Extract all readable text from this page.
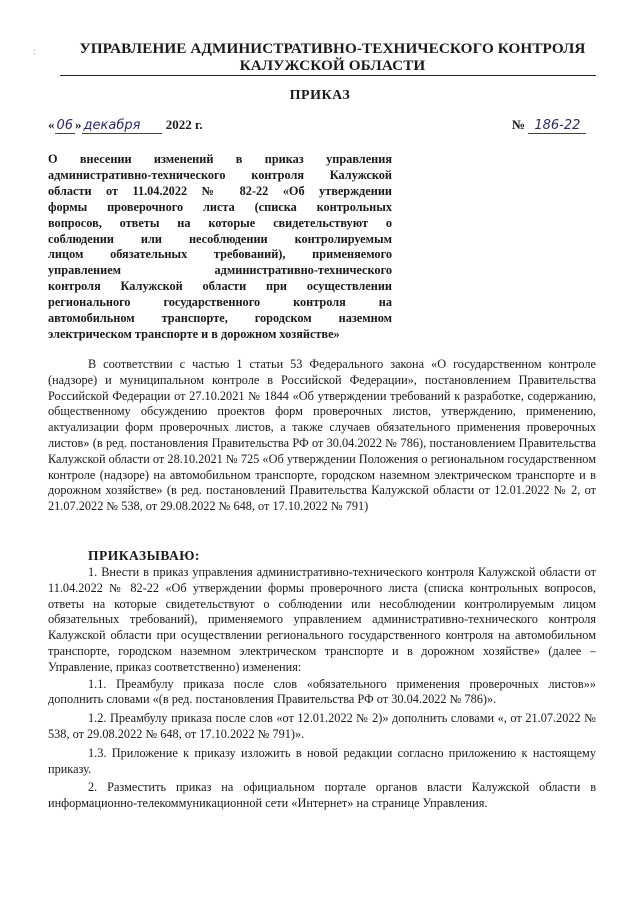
:	УПРАВЛЕНИЕ АДМИНИСТРАТИВНО-ТЕХНИЧЕСКОГО КОНТРОЛЯ
КАЛУЖСКОЙ ОБЛАСТИ
ПРИКАЗ
« 06 » декабря 2022 г.	№ 186-22
О внесении изменений в приказ управления
административно-технического контроля Калужской
области от 11.04.2022 № 82-22 «Об утверждении
формы проверочного листа (списка контрольных
вопросов, ответы на которые свидетельствуют о
соблюдении или несоблюдении контролируемым
лицом обязательных требований), применяемого
управлением административно-технического
контроля Калужской области при осуществлении
регионального государственного контроля на
автомобильном транспорте, городском наземном
электрическом транспорте и в дорожном хозяйстве»

В соответствии с частью 1 статьи 53 Федерального закона «О государственном контроле (надзоре) и муниципальном контроле в Российской Федерации», постановлением Правительства Российской Федерации от 27.10.2021 № 1844 «Об утверждении требований к разработке, содержанию, общественному обсуждению проектов форм проверочных листов, утверждению, применению, актуализации форм проверочных листов, а также случаев обязательного применения проверочных листов» (в ред. постановления Правительства РФ от 30.04.2022 № 786), постановлением Правительства Калужской области от 28.10.2021 № 725 «Об утверждении Положения о региональном государственном контроле (надзоре) на автомобильном транспорте, городском наземном электрическом транспорте и в дорожном хозяйстве» (в ред. постановлений Правительства Калужской области от 12.01.2022 № 2, от 21.07.2022 № 538, от 29.08.2022 № 648, от 17.10.2022 № 791)

ПРИКАЗЫВАЮ:

1. Внести в приказ управления административно-технического контроля Калужской области от 11.04.2022 № 82-22 «Об утверждении формы проверочного листа (списка контрольных вопросов, ответы на которые свидетельствуют о соблюдении или несоблюдении контролируемым лицом обязательных требований), применяемого управлением административно-технического контроля Калужской области при осуществлении регионального государственного контроля на автомобильном транспорте, городском наземном электрическом транспорте и в дорожном хозяйстве» (далее – Управление, приказ соответственно) изменения:

1.1. Преамбулу приказа после слов «обязательного применения проверочных листов»» дополнить словами «(в ред. постановления Правительства РФ от 30.04.2022 № 786)».

1.2. Преамбулу приказа после слов «от 12.01.2022 № 2)» дополнить словами «, от 21.07.2022 № 538, от 29.08.2022 № 648, от 17.10.2022 № 791)».

1.3. Приложение к приказу изложить в новой редакции согласно приложению к настоящему приказу.

2. Разместить приказ на официальном портале органов власти Калужской области в информационно-телекоммуникационной сети «Интернет» на странице Управления.
